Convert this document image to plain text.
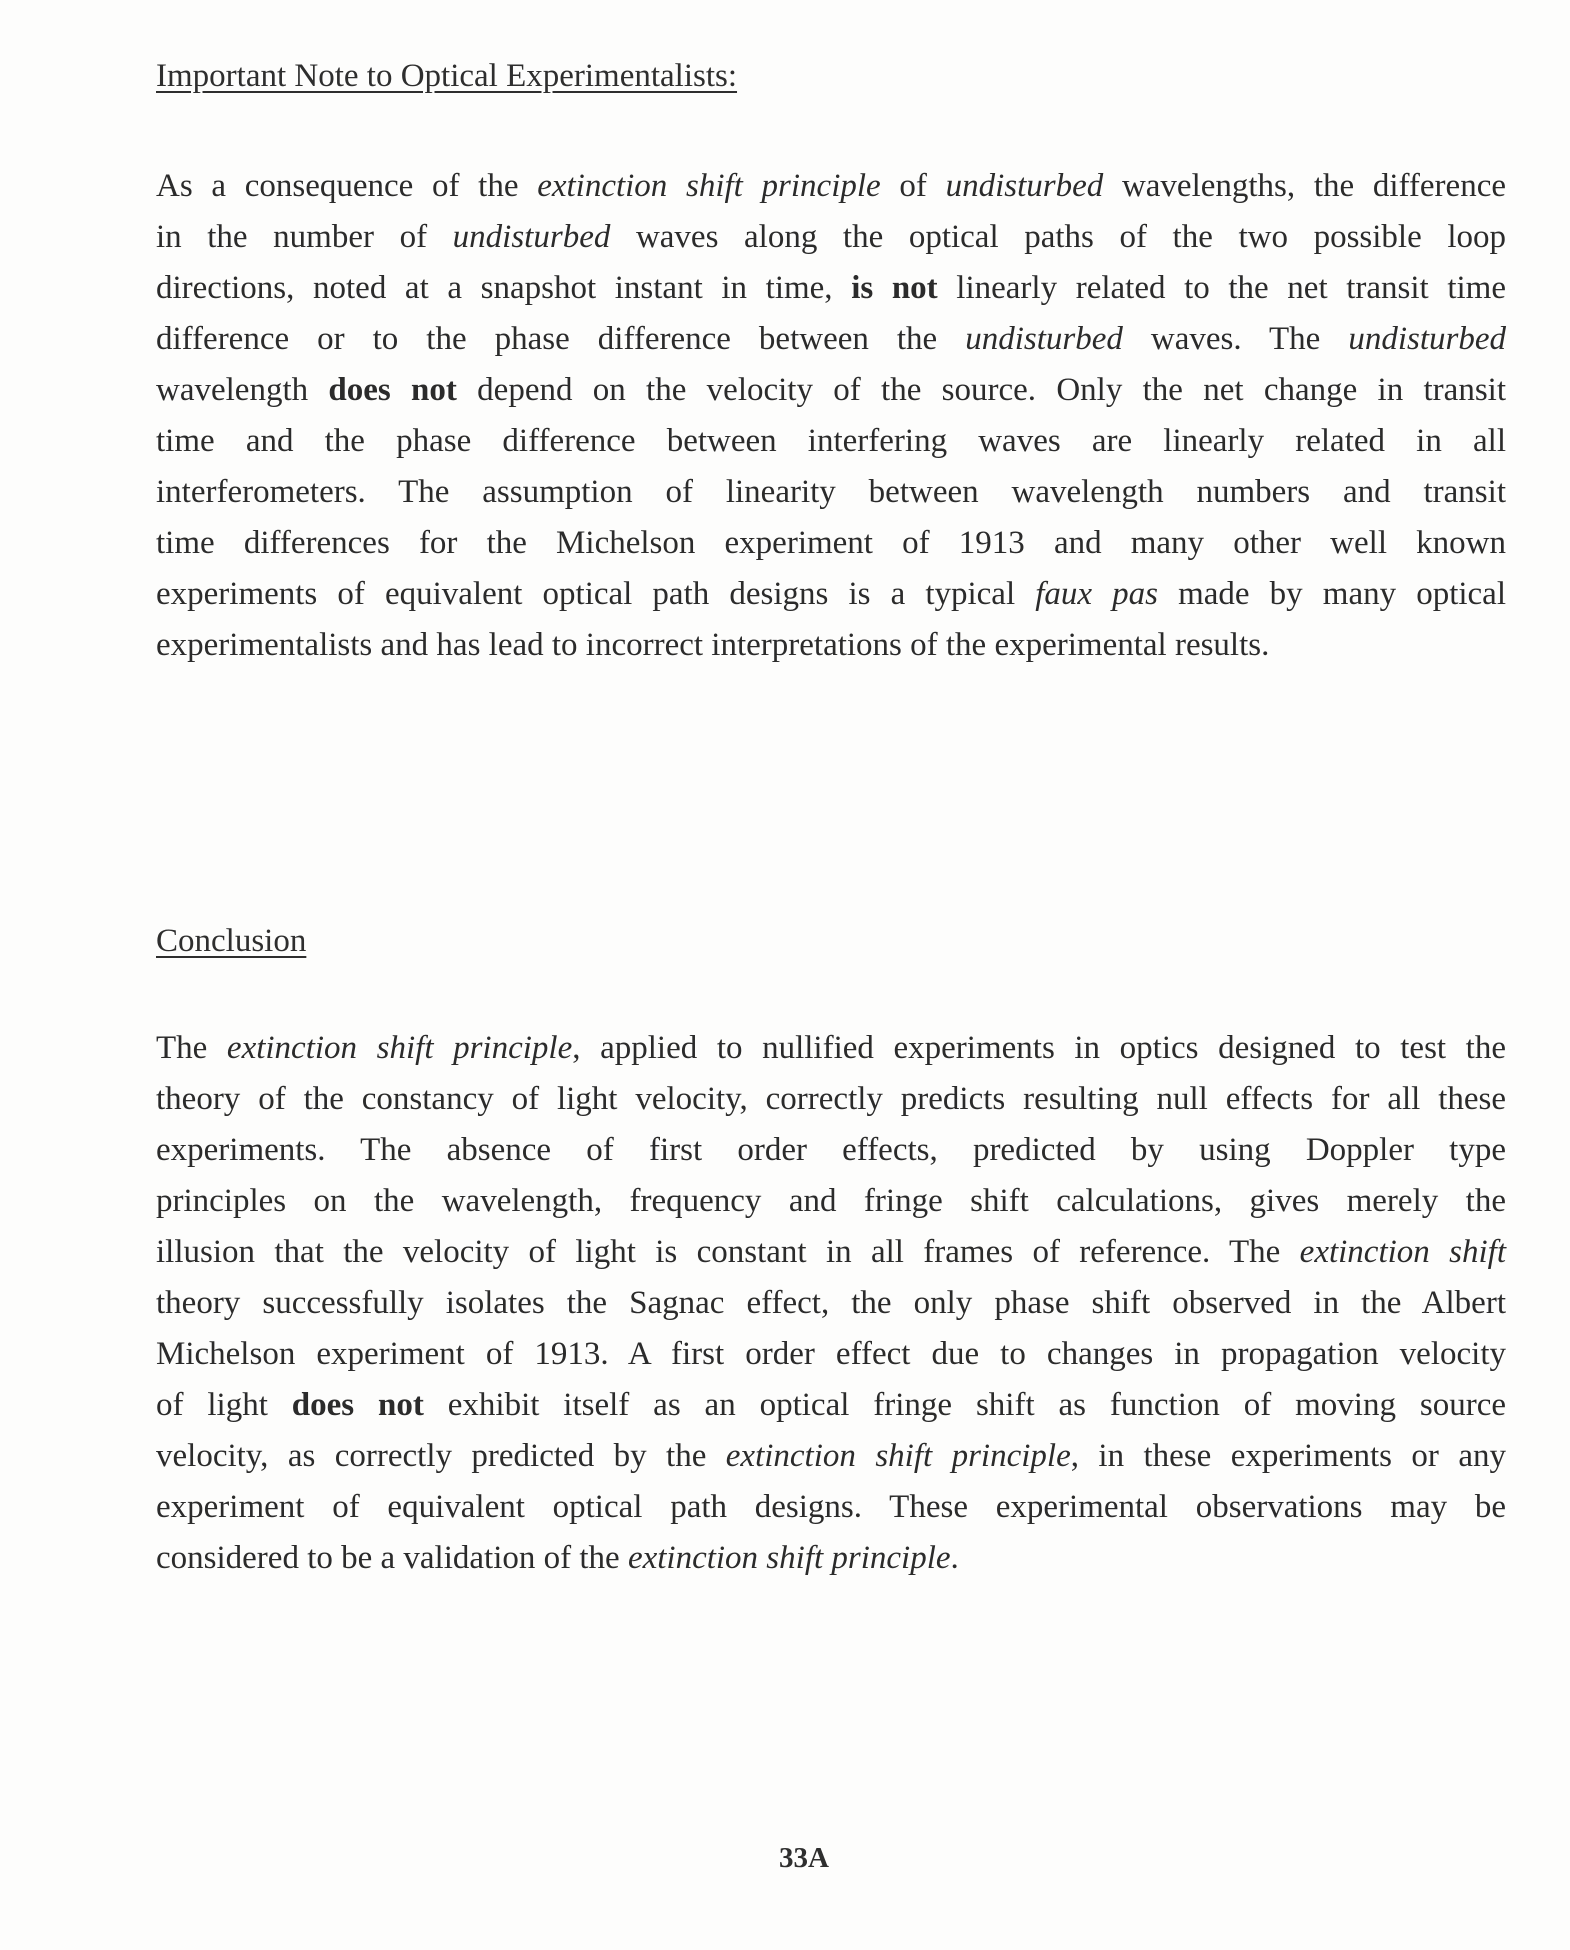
Important Note to Optical Experimentalists:
As a consequence of the extinction shift principle of undisturbed wavelengths, the difference
in the number of undisturbed waves along the optical paths of the two possible loop
directions, noted at a snapshot instant in time, is not linearly related to the net transit time
difference or to the phase difference between the undisturbed waves. The undisturbed
wavelength does not depend on the velocity of the source. Only the net change in transit
time and the phase difference between interfering waves are linearly related in all
interferometers. The assumption of linearity between wavelength numbers and transit
time differences for the Michelson experiment of 1913 and many other well known
experiments of equivalent optical path designs is a typical faux pas made by many optical
experimentalists and has lead to incorrect interpretations of the experimental results.
Conclusion
The extinction shift principle, applied to nullified experiments in optics designed to test the
theory of the constancy of light velocity, correctly predicts resulting null effects for all these
experiments. The absence of first order effects, predicted by using Doppler type
principles on the wavelength, frequency and fringe shift calculations, gives merely the
illusion that the velocity of light is constant in all frames of reference. The extinction shift
theory successfully isolates the Sagnac effect, the only phase shift observed in the Albert
Michelson experiment of 1913. A first order effect due to changes in propagation velocity
of light does not exhibit itself as an optical fringe shift as function of moving source
velocity, as correctly predicted by the extinction shift principle, in these experiments or any
experiment of equivalent optical path designs. These experimental observations may be
considered to be a validation of the extinction shift principle.
33A
